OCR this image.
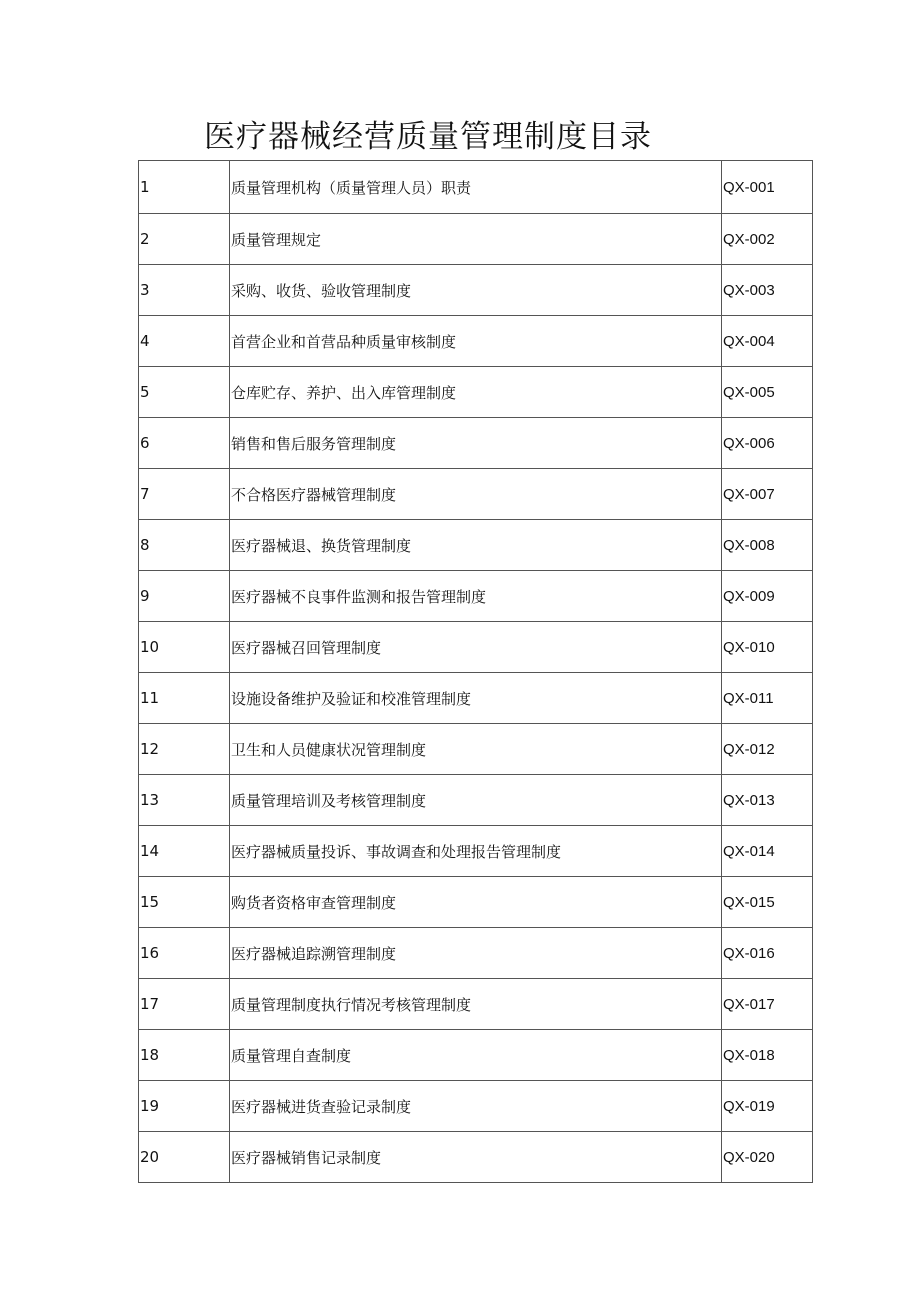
医疗器械经营质量管理制度目录
1	质量管理机构（质量管理人员）职责	QX-001
2	质量管理规定	QX-002
3	采购、收货、验收管理制度	QX-003
4	首营企业和首营品种质量审核制度	QX-004
5	仓库贮存、养护、出入库管理制度	QX-005
6	销售和售后服务管理制度	QX-006
7	不合格医疗器械管理制度	QX-007
8	医疗器械退、换货管理制度	QX-008
9	医疗器械不良事件监测和报告管理制度	QX-009
10	医疗器械召回管理制度	QX-010
11	设施设备维护及验证和校准管理制度	QX-011
12	卫生和人员健康状况管理制度	QX-012
13	质量管理培训及考核管理制度	QX-013
14	医疗器械质量投诉、事故调查和处理报告管理制度	QX-014
15	购货者资格审查管理制度	QX-015
16	医疗器械追踪溯管理制度	QX-016
17	质量管理制度执行情况考核管理制度	QX-017
18	质量管理自查制度	QX-018
19	医疗器械进货查验记录制度	QX-019
20	医疗器械销售记录制度	QX-020
